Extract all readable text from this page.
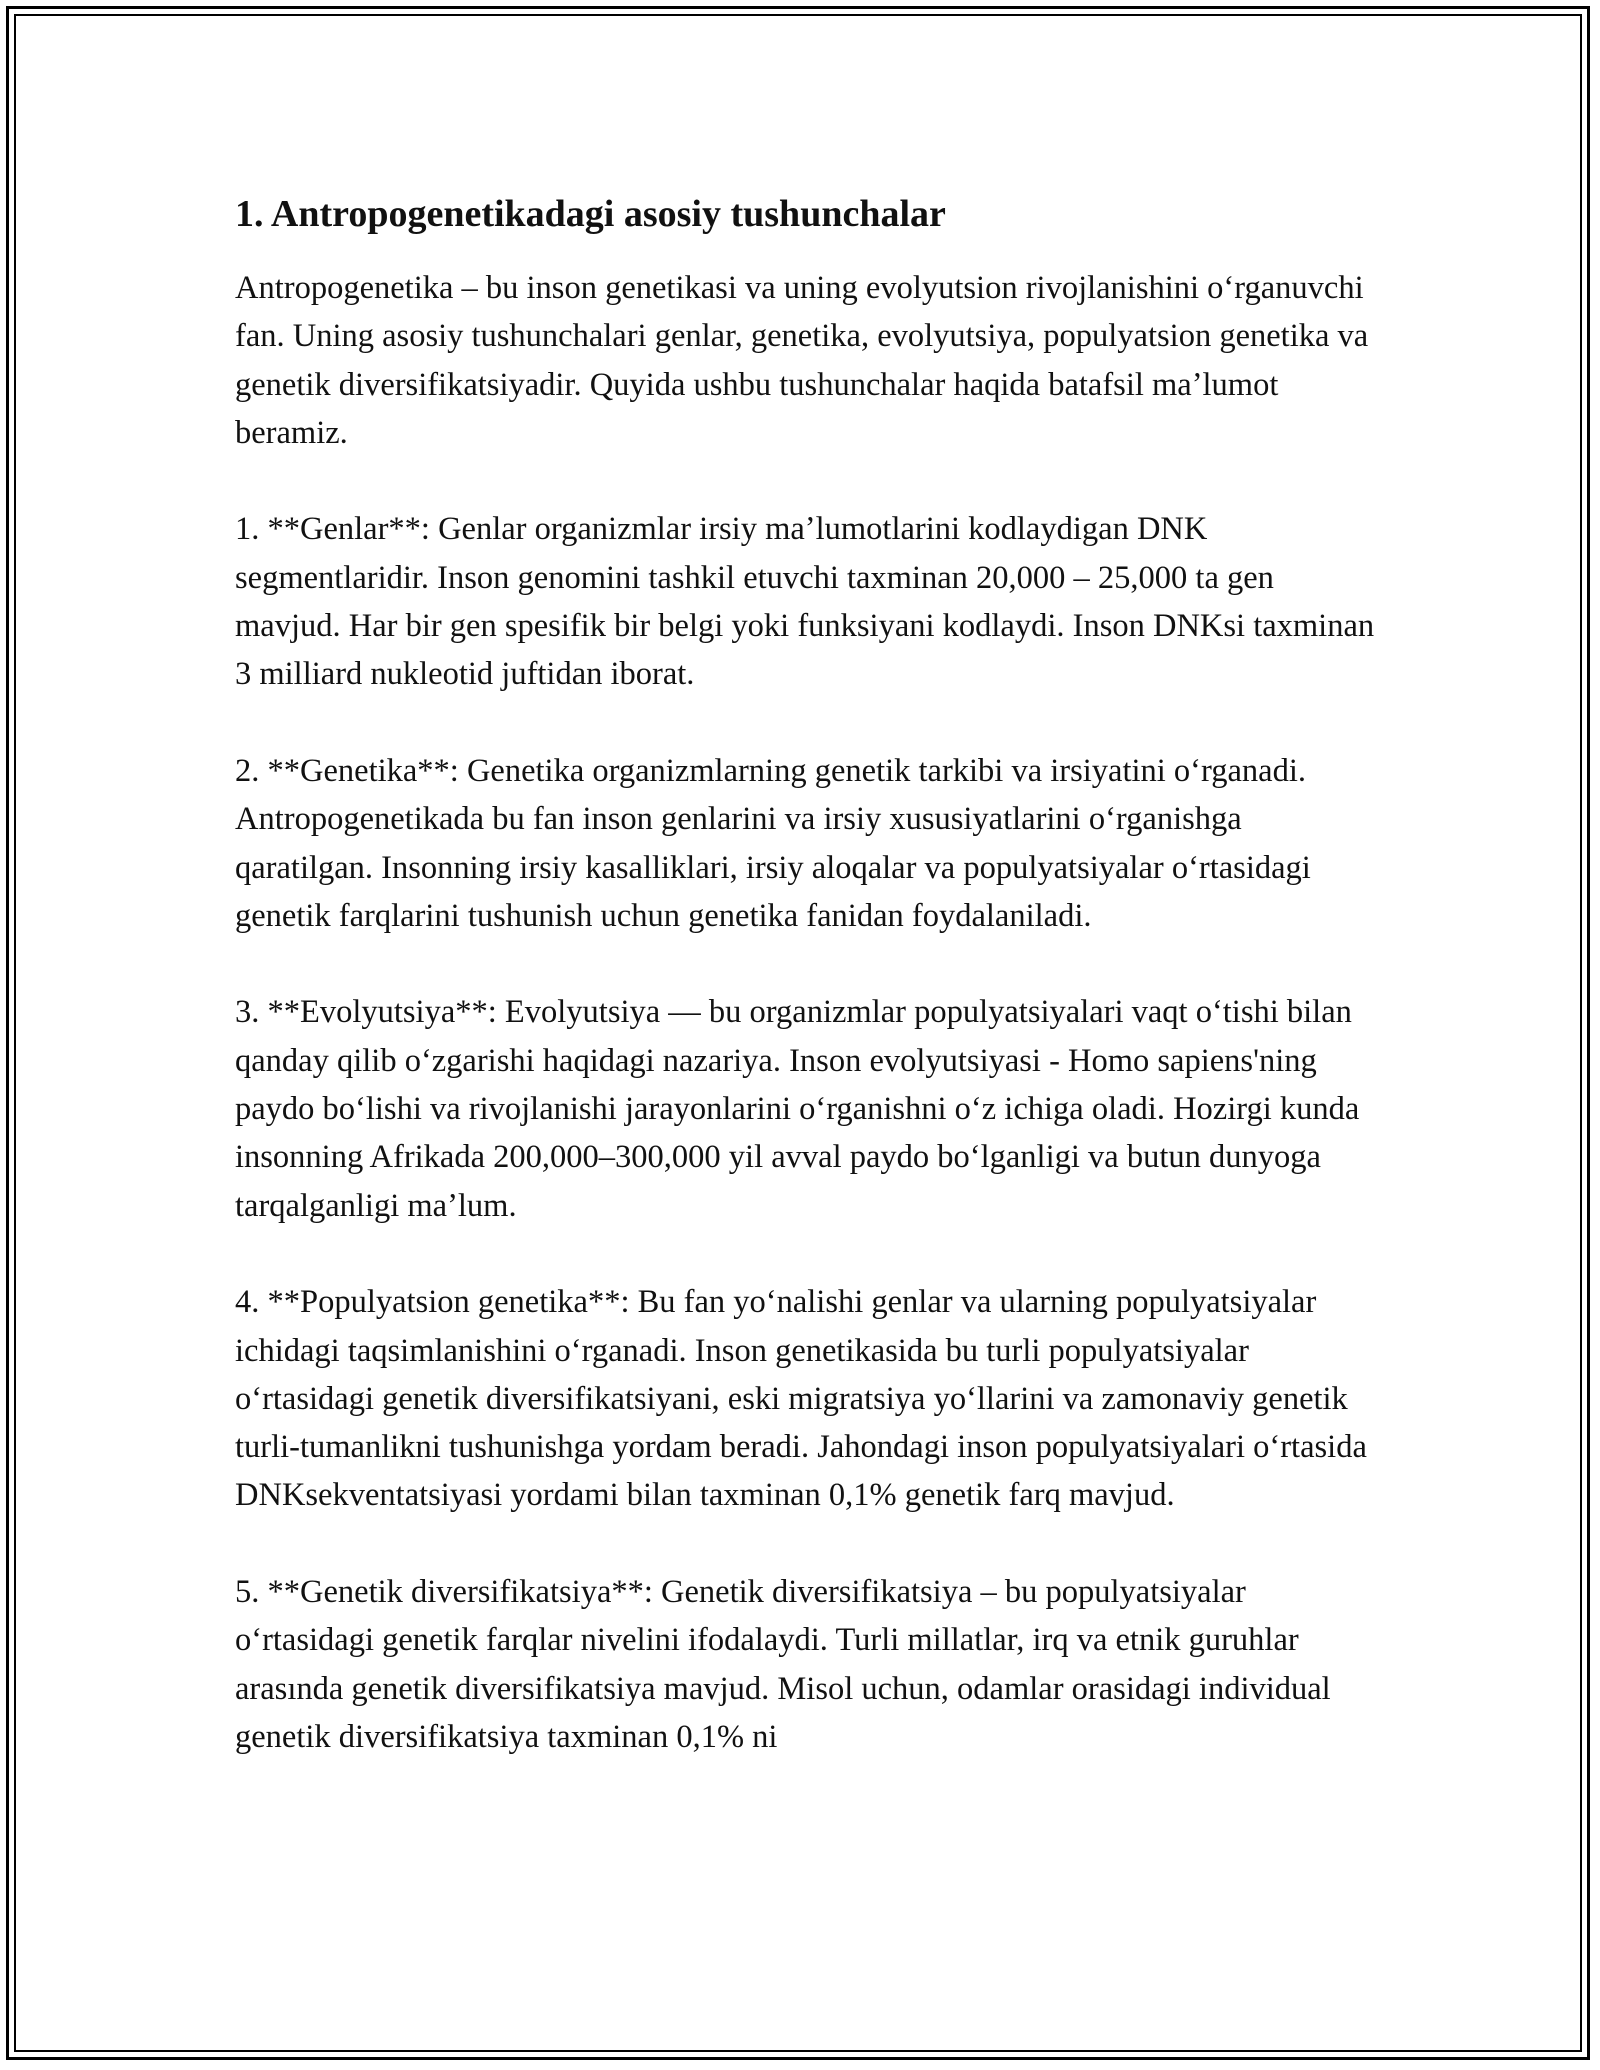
1. Antropogenetikadagi asosiy tushunchalar

Antropogenetika – bu inson genetikasi va uning evolyutsion rivojlanishini oʻrganuvchi fan. Uning asosiy tushunchalari genlar, genetika, evolyutsiya, populyatsion genetika va genetik diversifikatsiyadir. Quyida ushbu tushunchalar haqida batafsil maʼlumot beramiz.

1. **Genlar**: Genlar organizmlar irsiy maʼlumotlarini kodlaydigan DNK segmentlaridir. Inson genomini tashkil etuvchi taxminan 20,000 – 25,000 ta gen mavjud. Har bir gen spesifik bir belgi yoki funksiyani kodlaydi. Inson DNKsi taxminan 3 milliard nukleotid juftidan iborat.

2. **Genetika**: Genetika organizmlarning genetik tarkibi va irsiyatini oʻrganadi. Antropogenetikada bu fan inson genlarini va irsiy xususiyatlarini oʻrganishga qaratilgan. Insonning irsiy kasalliklari, irsiy aloqalar va populyatsiyalar oʻrtasidagi genetik farqlarini tushunish uchun genetika fanidan foydalaniladi.

3. **Evolyutsiya**: Evolyutsiya — bu organizmlar populyatsiyalari vaqt oʻtishi bilan qanday qilib oʻzgarishi haqidagi nazariya. Inson evolyutsiyasi - Homo sapiens'ning paydo boʻlishi va rivojlanishi jarayonlarini oʻrganishni oʻz ichiga oladi. Hozirgi kunda insonning Afrikada 200,000–300,000 yil avval paydo boʻlganligi va butun dunyoga tarqalganligi maʼlum.

4. **Populyatsion genetika**: Bu fan yoʻnalishi genlar va ularning populyatsiyalar ichidagi taqsimlanishini oʻrganadi. Inson genetikasida bu turli populyatsiyalar oʻrtasidagi genetik diversifikatsiyani, eski migratsiya yoʻllarini va zamonaviy genetik turli-tumanlikni tushunishga yordam beradi. Jahondagi inson populyatsiyalari oʻrtasida DNKsekventatsiyasi yordami bilan taxminan 0,1% genetik farq mavjud.

5. **Genetik diversifikatsiya**: Genetik diversifikatsiya – bu populyatsiyalar oʻrtasidagi genetik farqlar nivelini ifodalaydi. Turli millatlar, irq va etnik guruhlar arasında genetik diversifikatsiya mavjud. Misol uchun, odamlar orasidagi individual genetik diversifikatsiya taxminan 0,1% ni
